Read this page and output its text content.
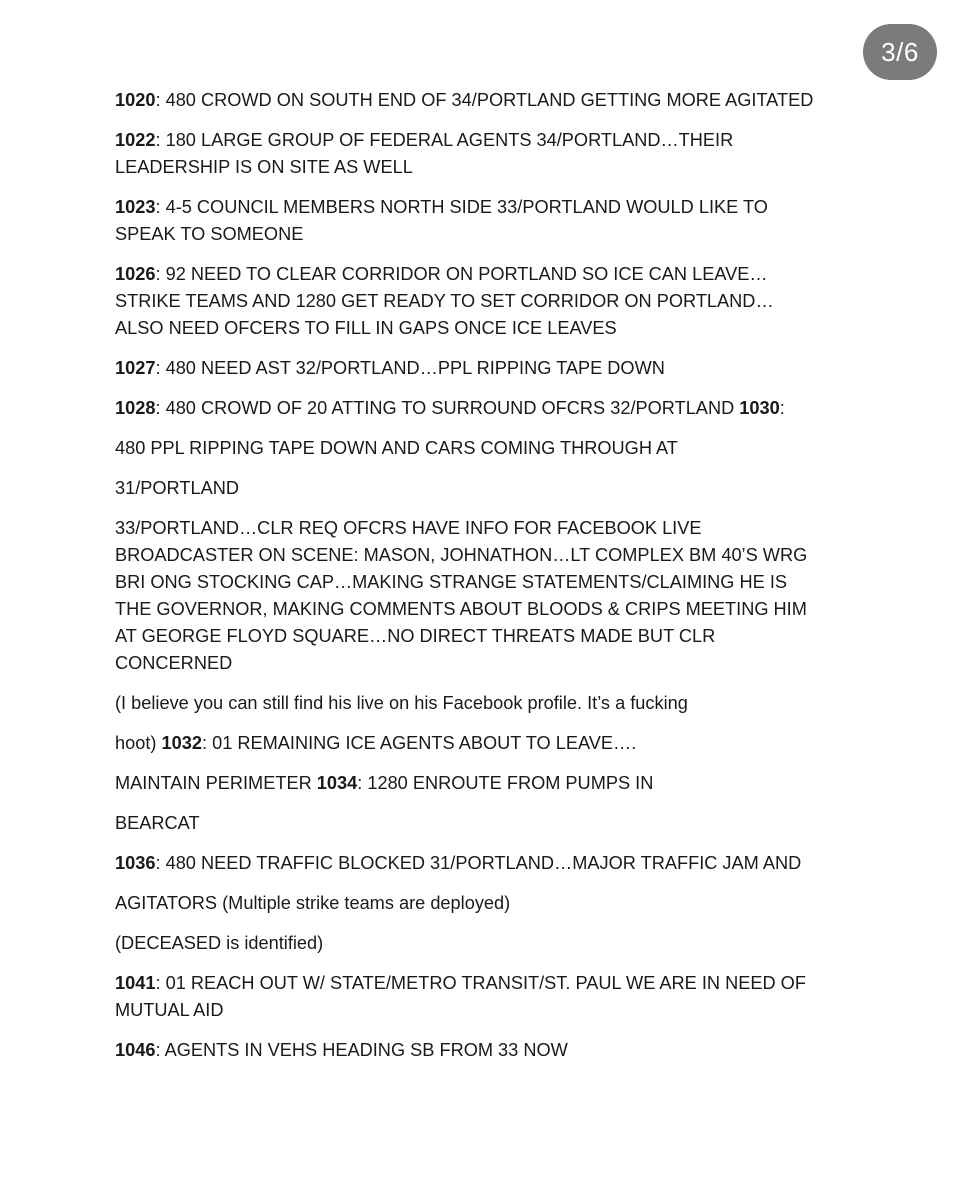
3/6

1020: 480 CROWD ON SOUTH END OF 34/PORTLAND GETTING MORE AGITATED

1022: 180 LARGE GROUP OF FEDERAL AGENTS 34/PORTLAND…THEIR LEADERSHIP IS ON SITE AS WELL

1023: 4-5 COUNCIL MEMBERS NORTH SIDE 33/PORTLAND WOULD LIKE TO SPEAK TO SOMEONE

1026: 92 NEED TO CLEAR CORRIDOR ON PORTLAND SO ICE CAN LEAVE…STRIKE TEAMS AND 1280 GET READY TO SET CORRIDOR ON PORTLAND…ALSO NEED OFCERS TO FILL IN GAPS ONCE ICE LEAVES

1027: 480 NEED AST 32/PORTLAND…PPL RIPPING TAPE DOWN

1028: 480 CROWD OF 20 ATTING TO SURROUND OFCRS 32/PORTLAND 1030:

480 PPL RIPPING TAPE DOWN AND CARS COMING THROUGH AT

31/PORTLAND

33/PORTLAND…CLR REQ OFCRS HAVE INFO FOR FACEBOOK LIVE BROADCASTER ON SCENE: MASON, JOHNATHON…LT COMPLEX BM 40’S WRG BRI ONG STOCKING CAP…MAKING STRANGE STATEMENTS/CLAIMING HE IS THE GOVERNOR, MAKING COMMENTS ABOUT BLOODS & CRIPS MEETING HIM AT GEORGE FLOYD SQUARE…NO DIRECT THREATS MADE BUT CLR CONCERNED

(I believe you can still find his live on his Facebook profile. It’s a fucking

hoot) 1032: 01 REMAINING ICE AGENTS ABOUT TO LEAVE….

MAINTAIN PERIMETER 1034: 1280 ENROUTE FROM PUMPS IN

BEARCAT

1036: 480 NEED TRAFFIC BLOCKED 31/PORTLAND…MAJOR TRAFFIC JAM AND

AGITATORS (Multiple strike teams are deployed)

(DECEASED is identified)

1041: 01 REACH OUT W/ STATE/METRO TRANSIT/ST. PAUL WE ARE IN NEED OF MUTUAL AID

1046: AGENTS IN VEHS HEADING SB FROM 33 NOW
